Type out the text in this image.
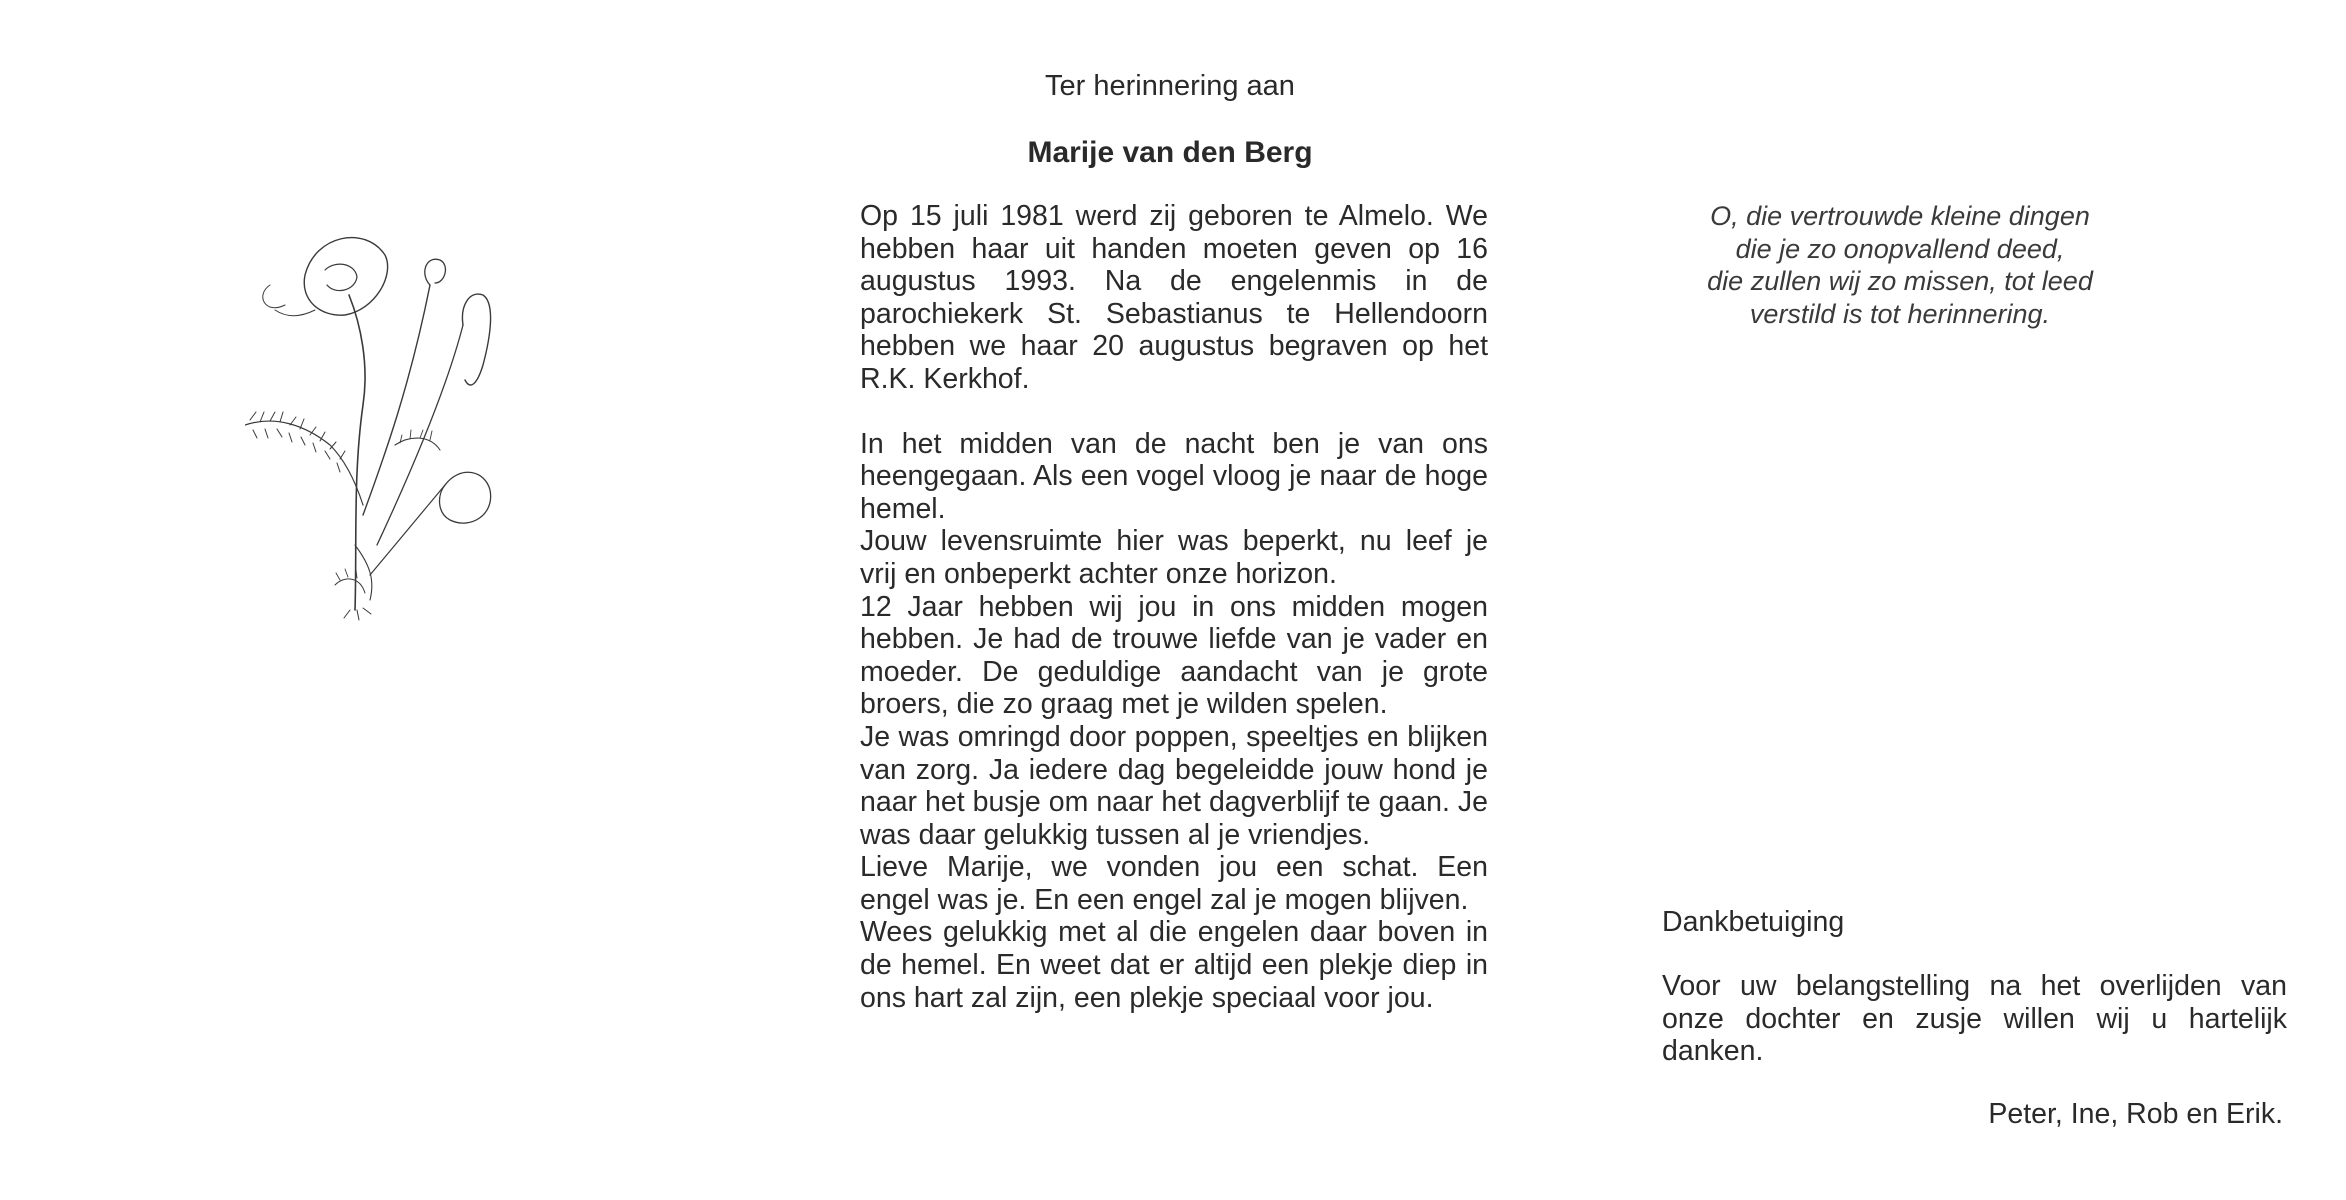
Ter herinnering aan
Marije van den Berg

Op 15 juli 1981 werd zij geboren te Almelo. We hebben haar uit handen moeten geven op 16 augustus 1993. Na de engelenmis in de parochiekerk St. Sebastianus te Hellendoorn hebben we haar 20 augustus begraven op het R.K. Kerkhof.

In het midden van de nacht ben je van ons heengegaan. Als een vogel vloog je naar de hoge hemel.

Jouw levensruimte hier was beperkt, nu leef je vrij en onbeperkt achter onze horizon.

12 Jaar hebben wij jou in ons midden mogen hebben. Je had de trouwe liefde van je vader en moeder. De geduldige aandacht van je grote broers, die zo graag met je wilden spelen.

Je was omringd door poppen, speeltjes en blijken van zorg. Ja iedere dag begeleidde jouw hond je naar het busje om naar het dagverblijf te gaan. Je was daar gelukkig tussen al je vriendjes.

Lieve Marije, we vonden jou een schat. Een engel was je. En een engel zal je mogen blijven.

Wees gelukkig met al die engelen daar boven in de hemel. En weet dat er altijd een plekje diep in ons hart zal zijn, een plekje speciaal voor jou.

O, die vertrouwde kleine dingen
die je zo onopvallend deed,
die zullen wij zo missen, tot leed
verstild is tot herinnering.
Dankbetuiging
Voor uw belangstelling na het overlijden van onze dochter en zusje willen wij u hartelijk danken.
Peter, Ine, Rob en Erik.
